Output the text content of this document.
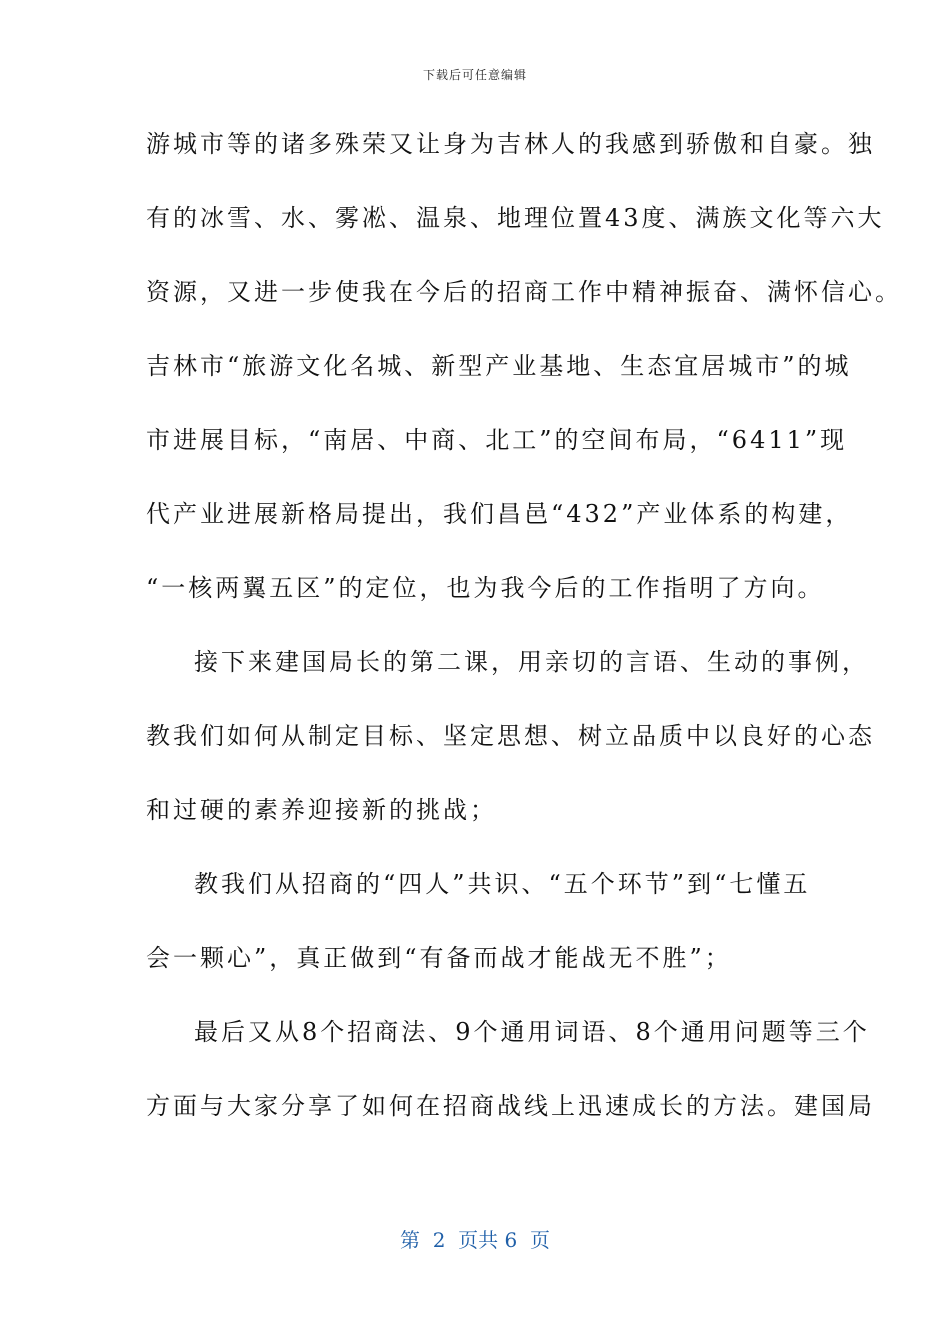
下载后可任意编辑
游城市等的诸多殊荣又让身为吉林人的我感到骄傲和自豪。独
有的冰雪、水、雾凇、温泉、地理位置43度、满族文化等六大
资源，又进一步使我在今后的招商工作中精神振奋、满怀信心。
吉林市“旅游文化名城、新型产业基地、生态宜居城市”的城
市进展目标，“南居、中商、北工”的空间布局，“6411”现
代产业进展新格局提出，我们昌邑“432”产业体系的构建，
“一核两翼五区”的定位，也为我今后的工作指明了方向。
接下来建国局长的第二课，用亲切的言语、生动的事例，
教我们如何从制定目标、坚定思想、树立品质中以良好的心态
和过硬的素养迎接新的挑战；
教我们从招商的“四人”共识、“五个环节”到“七懂五
会一颗心”，真正做到“有备而战才能战无不胜”；
最后又从8个招商法、9个通用词语、8个通用问题等三个
方面与大家分享了如何在招商战线上迅速成长的方法。建国局
第  2  页共 6  页
